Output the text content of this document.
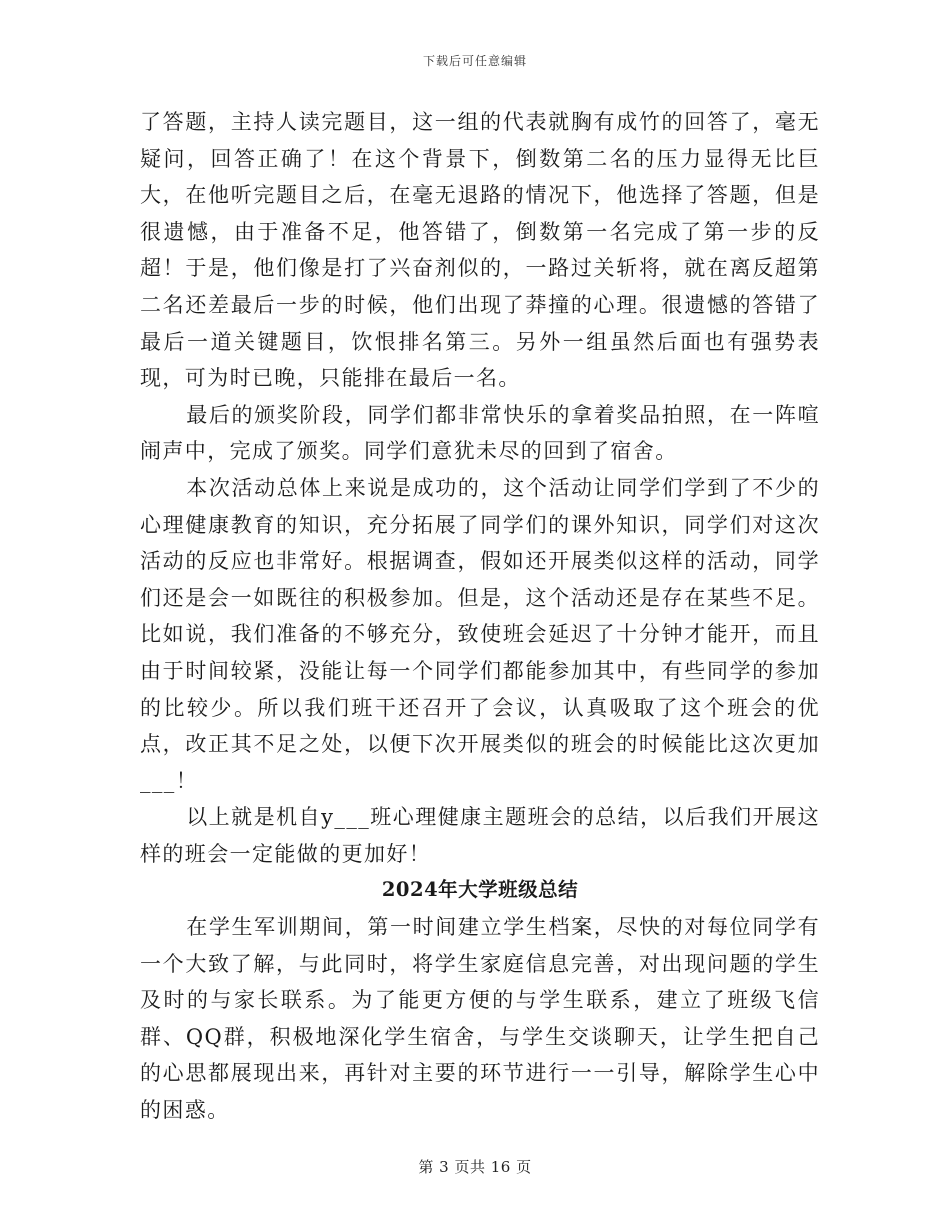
下载后可任意编辑

了答题，主持人读完题目，这一组的代表就胸有成竹的回答了，毫无疑问，回答正确了！在这个背景下，倒数第二名的压力显得无比巨大，在他听完题目之后，在毫无退路的情况下，他选择了答题，但是很遗憾，由于准备不足，他答错了，倒数第一名完成了第一步的反超！于是，他们像是打了兴奋剂似的，一路过关斩将，就在离反超第二名还差最后一步的时候，他们出现了莽撞的心理。很遗憾的答错了最后一道关键题目，饮恨排名第三。另外一组虽然后面也有强势表现，可为时已晚，只能排在最后一名。

最后的颁奖阶段，同学们都非常快乐的拿着奖品拍照，在一阵喧闹声中，完成了颁奖。同学们意犹未尽的回到了宿舍。

本次活动总体上来说是成功的，这个活动让同学们学到了不少的心理健康教育的知识，充分拓展了同学们的课外知识，同学们对这次活动的反应也非常好。根据调查，假如还开展类似这样的活动，同学们还是会一如既往的积极参加。但是，这个活动还是存在某些不足。比如说，我们准备的不够充分，致使班会延迟了十分钟才能开，而且由于时间较紧，没能让每一个同学们都能参加其中，有些同学的参加的比较少。所以我们班干还召开了会议，认真吸取了这个班会的优点，改正其不足之处，以便下次开展类似的班会的时候能比这次更加___！

以上就是机自y___班心理健康主题班会的总结，以后我们开展这样的班会一定能做的更加好！

2024年大学班级总结

在学生军训期间，第一时间建立学生档案，尽快的对每位同学有一个大致了解，与此同时，将学生家庭信息完善，对出现问题的学生及时的与家长联系。为了能更方便的与学生联系，建立了班级飞信群、QQ群，积极地深化学生宿舍，与学生交谈聊天，让学生把自己的心思都展现出来，再针对主要的环节进行一一引导，解除学生心中的困惑。

第 3 页共 16 页
